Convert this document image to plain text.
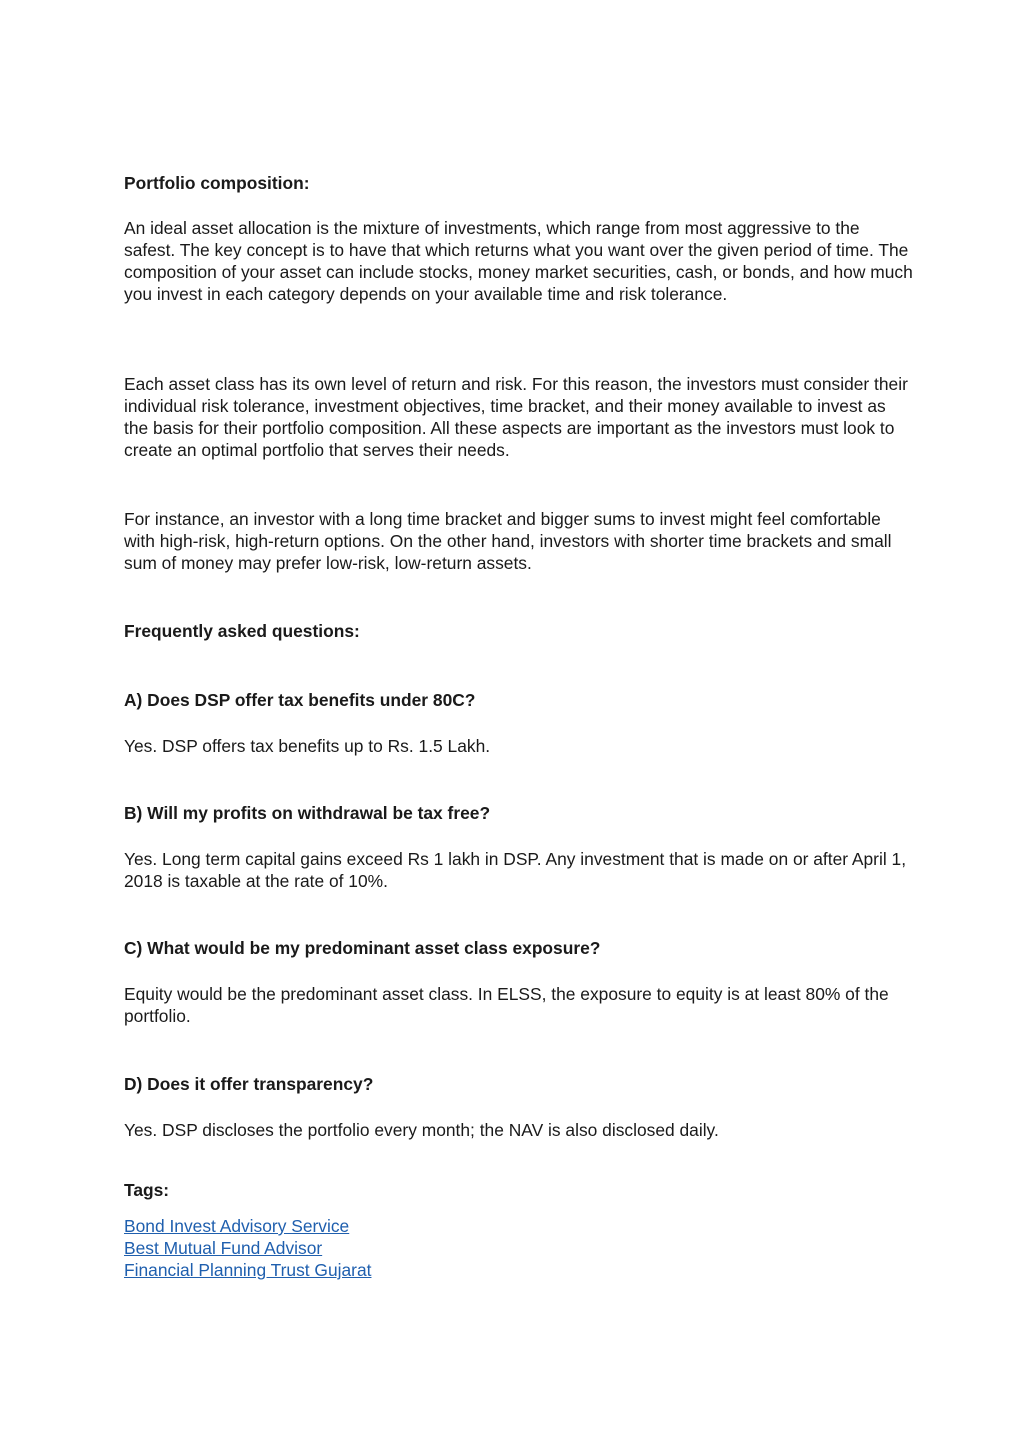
Portfolio composition:

An ideal asset allocation is the mixture of investments, which range from most aggressive to the safest. The key concept is to have that which returns what you want over the given period of time. The composition of your asset can include stocks, money market securities, cash, or bonds, and how much you invest in each category depends on your available time and risk tolerance.

Each asset class has its own level of return and risk. For this reason, the investors must consider their individual risk tolerance, investment objectives, time bracket, and their money available to invest as the basis for their portfolio composition. All these aspects are important as the investors must look to create an optimal portfolio that serves their needs.

For instance, an investor with a long time bracket and bigger sums to invest might feel comfortable with high-risk, high-return options. On the other hand, investors with shorter time brackets and small sum of money may prefer low-risk, low-return assets.

Frequently asked questions:

A) Does DSP offer tax benefits under 80C?

Yes. DSP offers tax benefits up to Rs. 1.5 Lakh.

B) Will my profits on withdrawal be tax free?

Yes. Long term capital gains exceed Rs 1 lakh in DSP. Any investment that is made on or after April 1, 2018 is taxable at the rate of 10%.

C) What would be my predominant asset class exposure?

Equity would be the predominant asset class. In ELSS, the exposure to equity is at least 80% of the portfolio.

D) Does it offer transparency?

Yes. DSP discloses the portfolio every month; the NAV is also disclosed daily.

Tags:

Bond Invest Advisory Service
Best Mutual Fund Advisor
Financial Planning Trust Gujarat
